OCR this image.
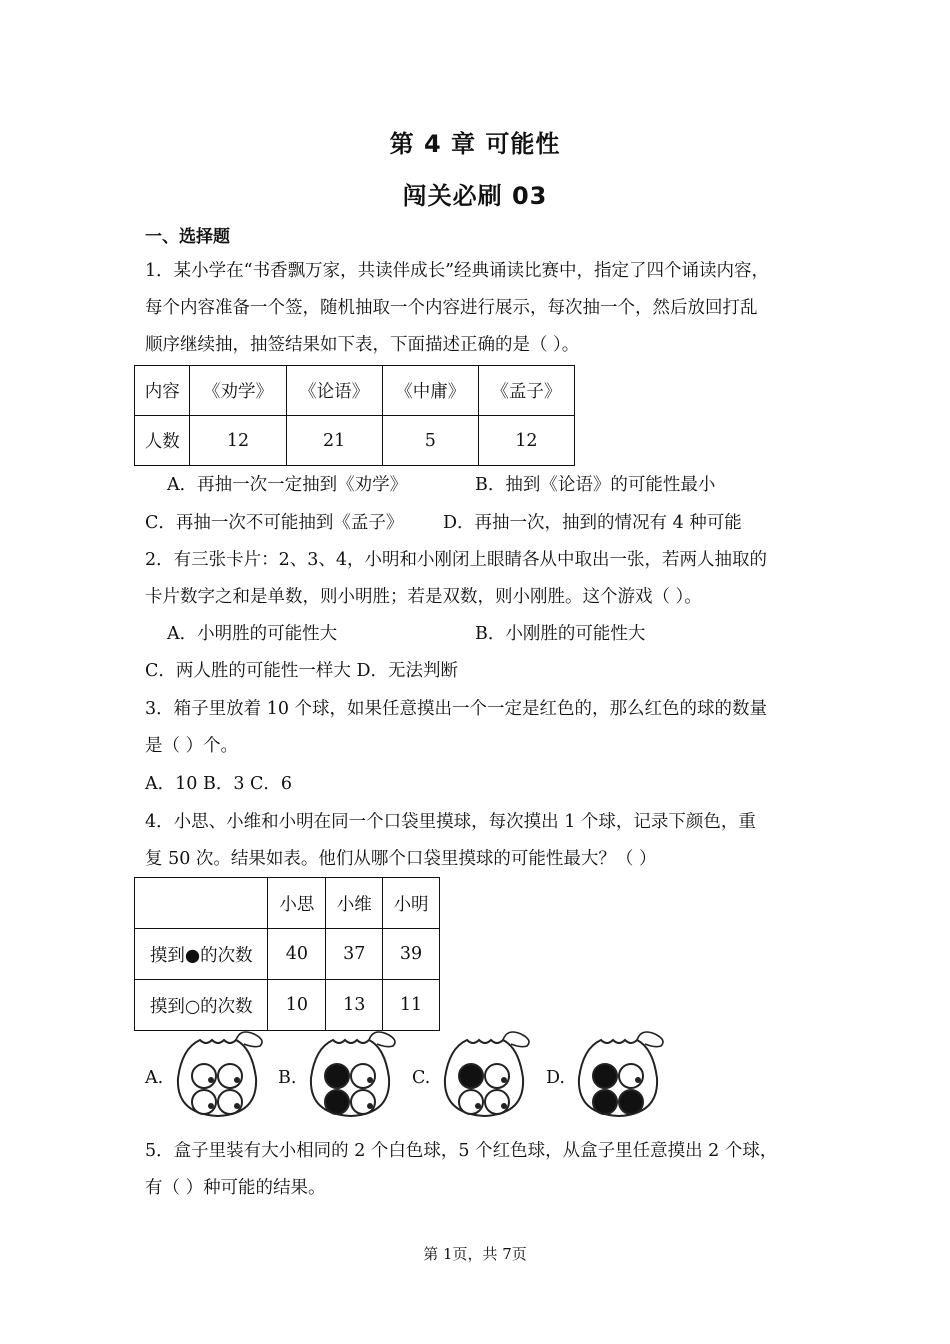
第 4 章 可能性
闯关必刷 03
一、选择题
1．某小学在“书香飘万家，共读伴成长”经典诵读比赛中，指定了四个诵读内容，
每个内容准备一个签，随机抽取一个内容进行展示，每次抽一个，然后放回打乱
顺序继续抽，抽签结果如下表，下面描述正确的是（ ）。
内容	《劝学》	《论语》	《中庸》	《孟子》
人数	12	21	5	12
A．再抽一次一定抽到《劝学》	B．抽到《论语》的可能性最小
C．再抽一次不可能抽到《孟子》 D．再抽一次，抽到的情况有 4 种可能
2．有三张卡片：2、3、4，小明和小刚闭上眼睛各从中取出一张，若两人抽取的
卡片数字之和是单数，则小明胜；若是双数，则小刚胜。这个游戏（ ）。
A．小明胜的可能性大	B．小刚胜的可能性大
C．两人胜的可能性一样大 D．无法判断
3．箱子里放着 10 个球，如果任意摸出一个一定是红色的，那么红色的球的数量
是（ ）个。
A．10 B．3 C．6
4．小思、小维和小明在同一个口袋里摸球，每次摸出 1 个球，记录下颜色，重
复 50 次。结果如表。他们从哪个口袋里摸球的可能性最大？（ ）
	小思	小维	小明
摸到●的次数	40	37	39
摸到○的次数	10	13	11
A.	B.	C.	D.
5．盒子里装有大小相同的 2 个白色球，5 个红色球，从盒子里任意摸出 2 个球，
有（ ）种可能的结果。
第 1页，共 7页
